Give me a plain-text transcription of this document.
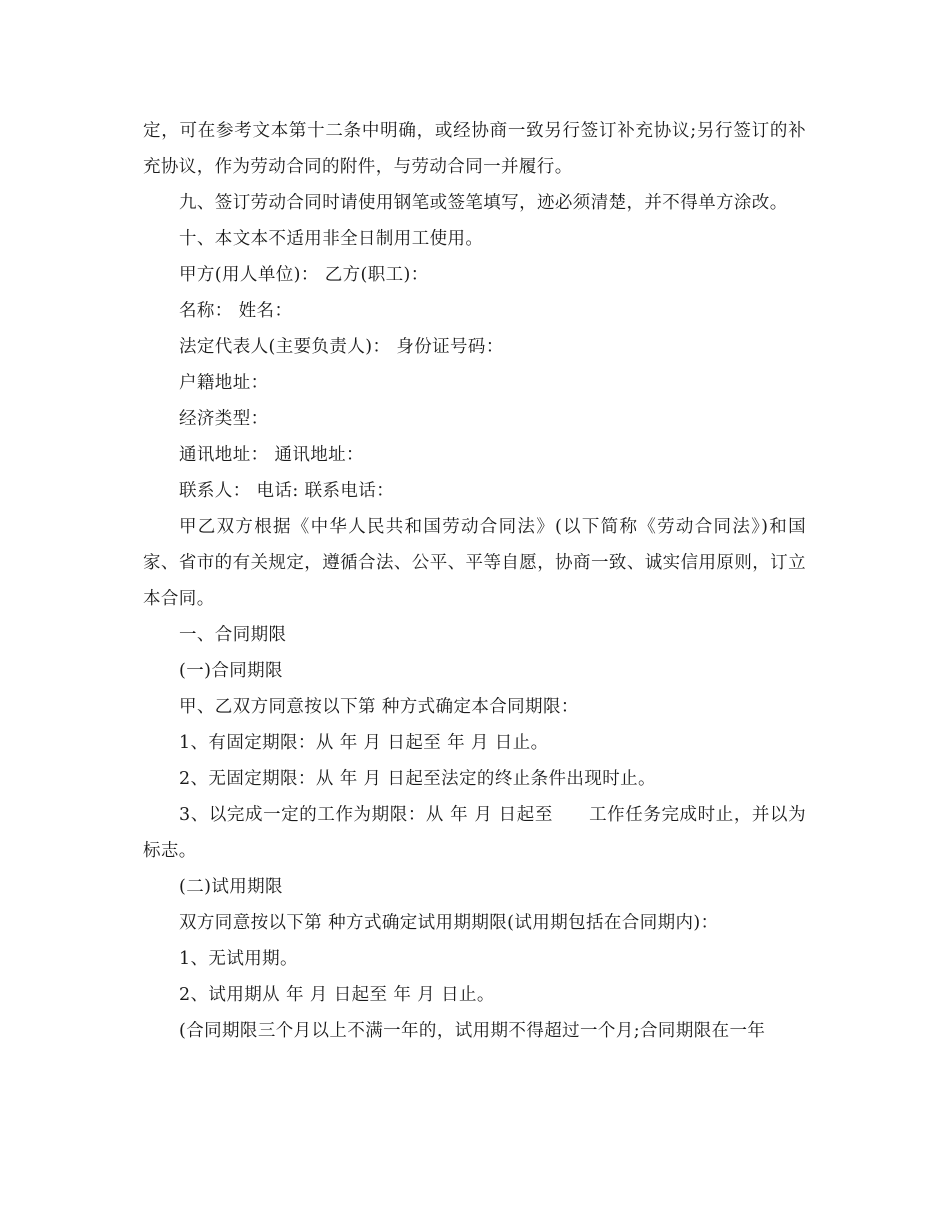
定，可在参考文本第十二条中明确，或经协商一致另行签订补充协议;另行签订的补充协议，作为劳动合同的附件，与劳动合同一并履行。

九、签订劳动合同时请使用钢笔或签笔填写，迹必须清楚，并不得单方涂改。

十、本文本不适用非全日制用工使用。

甲方(用人单位)： 乙方(职工)：

名称： 姓名：

法定代表人(主要负责人)： 身份证号码：

户籍地址：

经济类型：

通讯地址： 通讯地址：

联系人： 电话: 联系电话：

甲乙双方根据《中华人民共和国劳动合同法》(以下简称《劳动合同法》)和国家、省市的有关规定，遵循合法、公平、平等自愿，协商一致、诚实信用原则，订立本合同。

一、合同期限

(一)合同期限

甲、乙双方同意按以下第 种方式确定本合同期限：

1、有固定期限：从 年 月 日起至 年 月 日止。

2、无固定期限：从 年 月 日起至法定的终止条件出现时止。

3、以完成一定的工作为期限：从 年 月 日起至　　工作任务完成时止，并以为标志。

(二)试用期限

双方同意按以下第 种方式确定试用期期限(试用期包括在合同期内)：

1、无试用期。

2、试用期从 年 月 日起至 年 月 日止。

(合同期限三个月以上不满一年的，试用期不得超过一个月;合同期限在一年
